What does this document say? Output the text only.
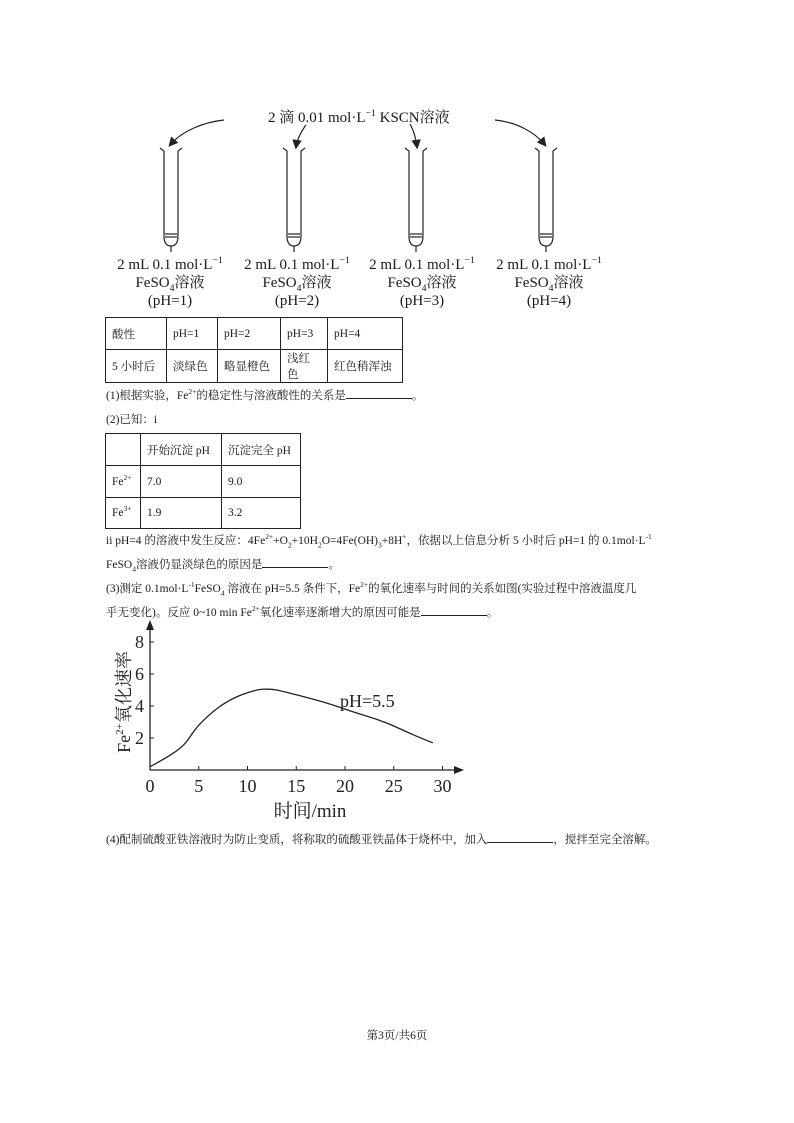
2 滴 0.01 $mol\cdot L^{-1}$ KSCN溶液
2 mL 0.1 $mol\cdot L^{-1}$
FeSO$_4$溶液
(pH=1)
2 mL 0.1 $mol\cdot L^{-1}$
FeSO$_4$溶液
(pH=2)
2 mL 0.1 $mol\cdot L^{-1}$
FeSO$_4$溶液
(pH=3)
2 mL 0.1 $mol\cdot L^{-1}$
FeSO$_4$溶液
(pH=4)
酸性	pH=1	pH=2	pH=3	pH=4
5 小时后	淡绿色	略显橙色	浅红色	红色稍浑浊
(1)根据实验，$Fe^{2+}$的稳定性与溶液酸性的关系是	。
(2)已知：i
	开始沉淀 pH	沉淀完全 pH
$Fe^{2+}$	7.0	9.0
$Fe^{3+}$	1.9	3.2
ii pH=4 的溶液中发生反应：$4Fe^{2+}+O_2+10H_2O=4Fe(OH)_3+8H^+$，依据以上信息分析 5 小时后 pH=1 的 $0.1mol\cdot L^{-1}$
FeSO$_4$溶液仍显淡绿色的原因是	。
(3)测定 $0.1mol\cdot L^{-1}FeSO_4$ 溶液在 pH=5.5 条件下，$Fe^{2+}$的氧化速率与时间的关系如图(实验过程中溶液温度几
乎无变化)。反应 0~10 $\min Fe^{2+}$氧化速率逐渐增大的原因可能是	。
0 5 10 15 20 25 30
2
4
6
8
pH=5.5
时间/min
$Fe^{2+}$氧化速率
(4)配制硫酸亚铁溶液时为防止变质，将称取的硫酸亚铁晶体于烧杯中，加入	，搅拌至完全溶解。
第3页/共6页
